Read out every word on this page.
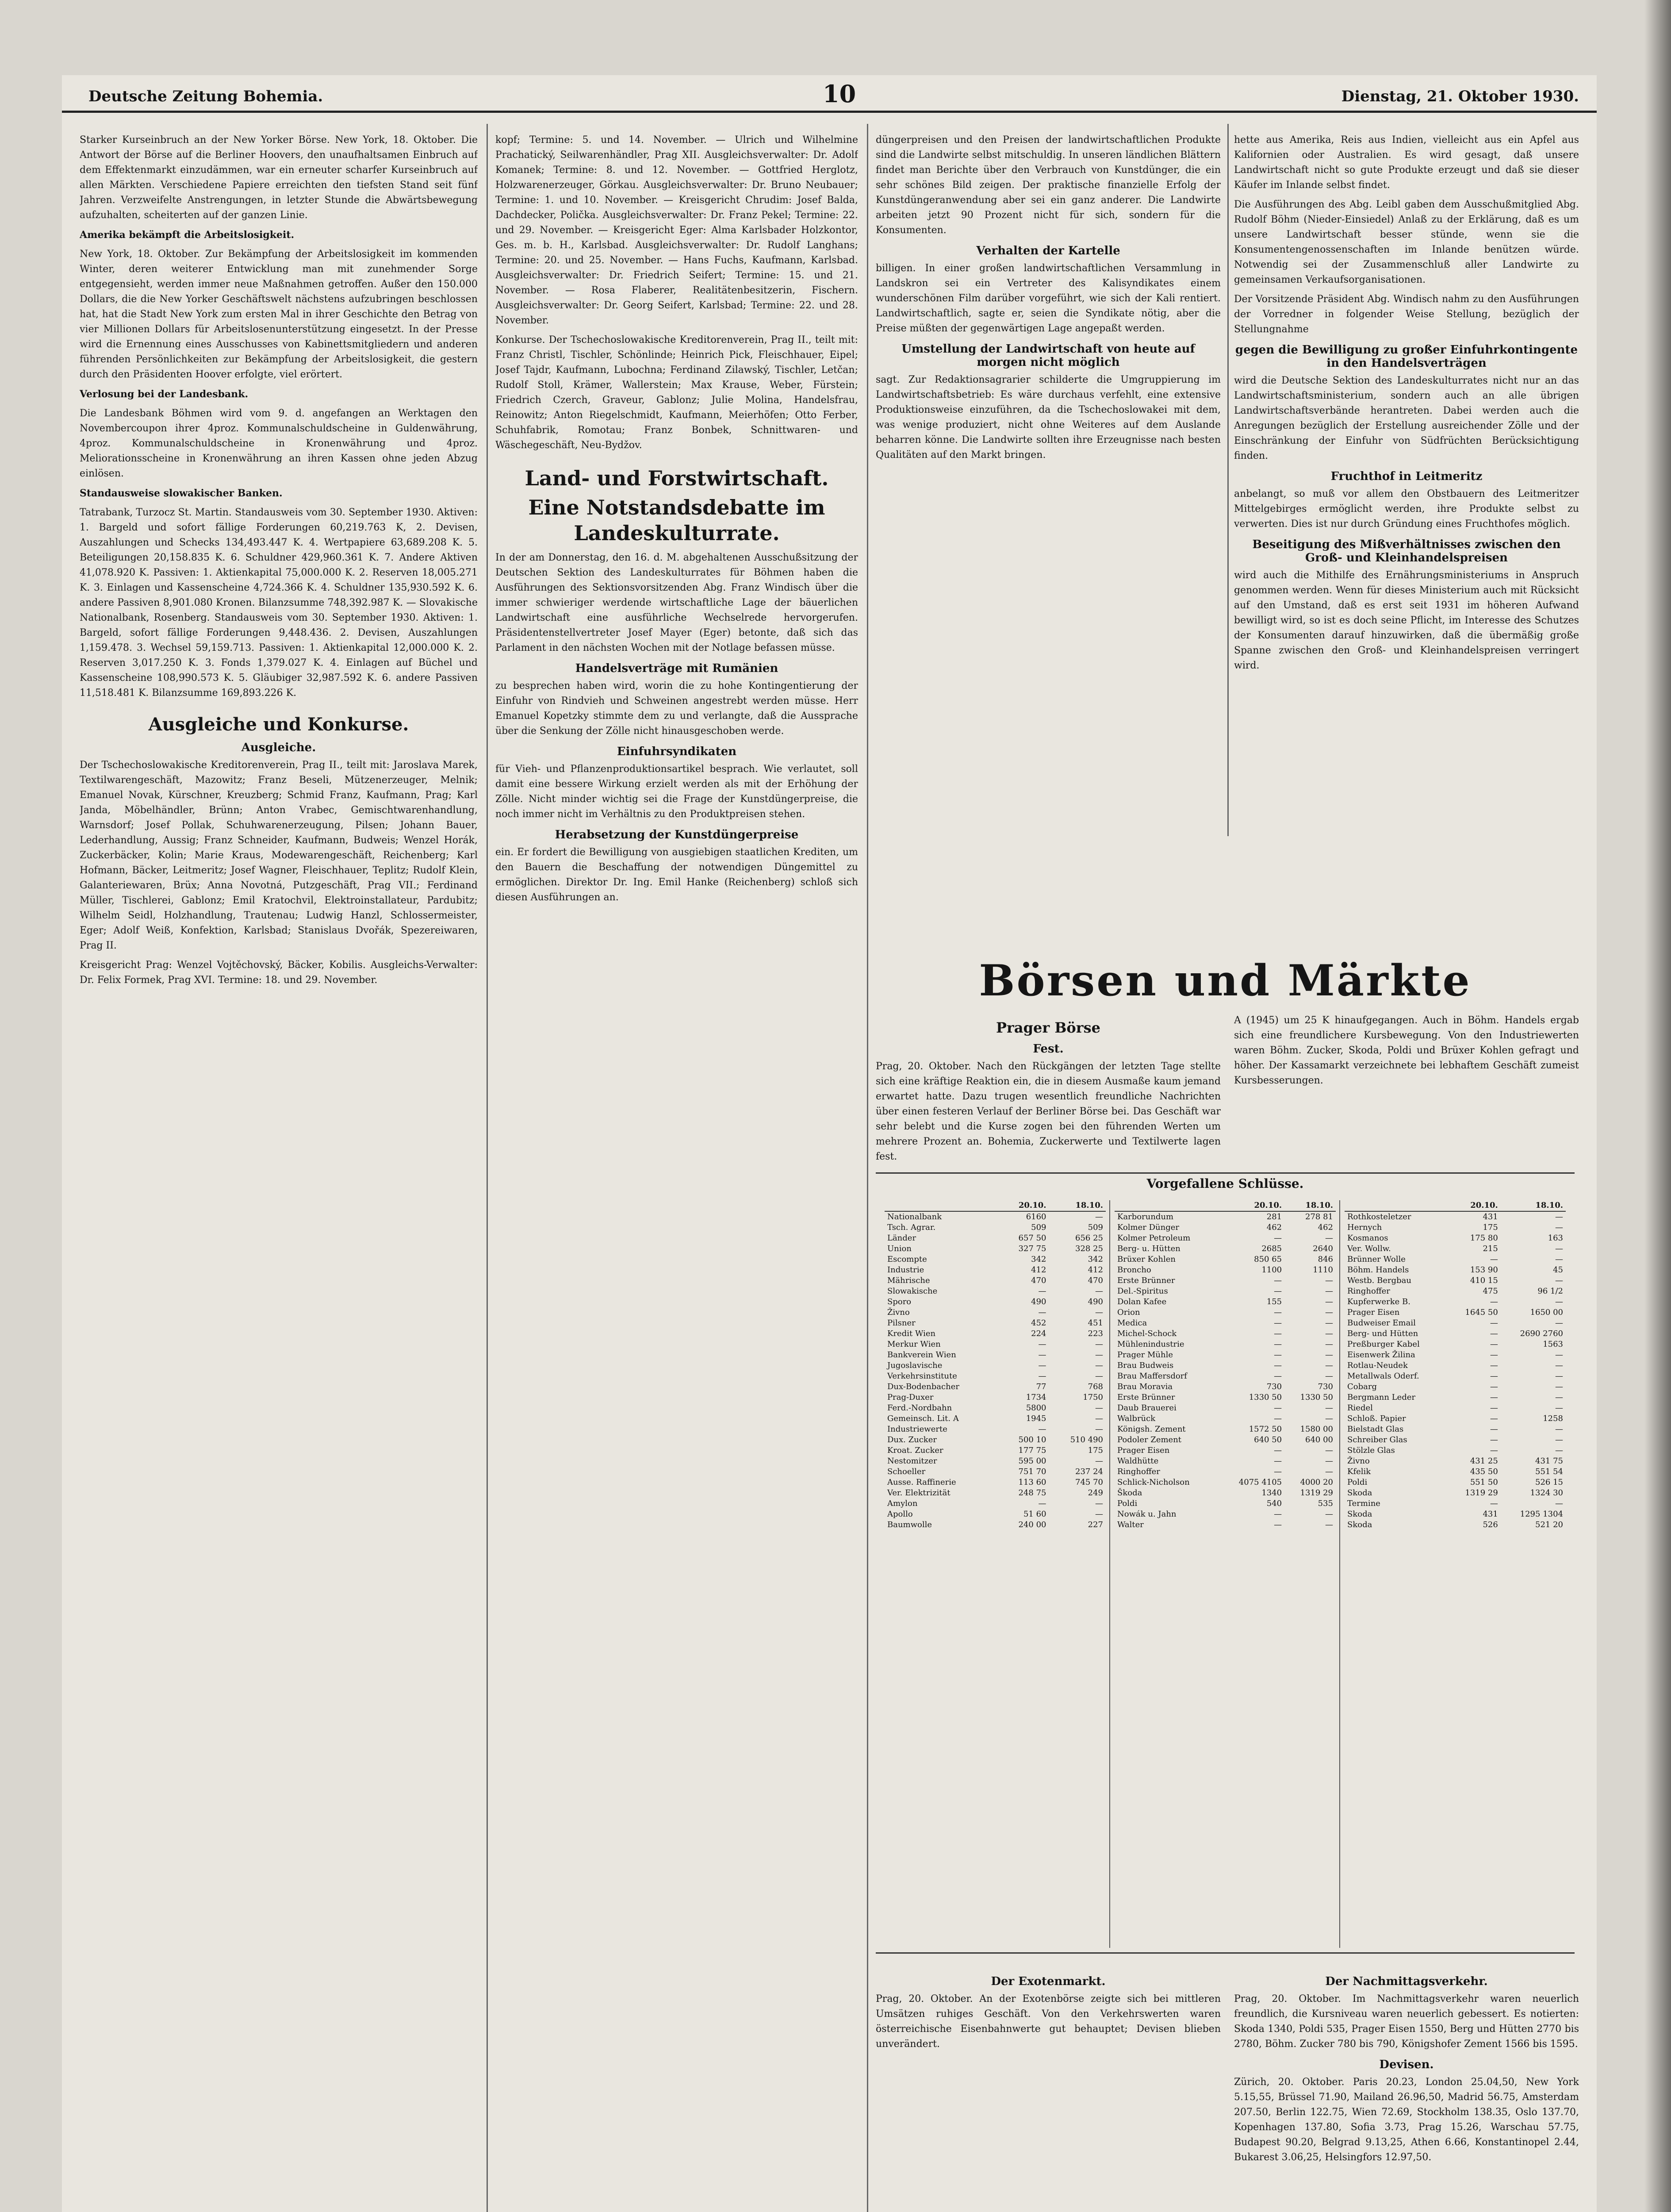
Deutsche Zeitung Bohemia.	10	Dienstag, 21. Oktober 1930.

Starker Kurseinbruch an der New Yorker Börse. New York, 18. Oktober. Die Antwort der Börse auf die Berliner Hoovers, den unaufhaltsamen Einbruch auf dem Effektenmarkt einzudämmen, war ein erneuter scharfer Kurseinbruch auf allen Märkten. Verschiedene Papiere erreichten den tiefsten Stand seit fünf Jahren. Verzweifelte Anstrengungen, in letzter Stunde die Abwärtsbewegung aufzuhalten, scheiterten auf der ganzen Linie.

Amerika bekämpft die Arbeitslosigkeit.

New York, 18. Oktober. Zur Bekämpfung der Arbeitslosigkeit im kommenden Winter, deren weiterer Entwicklung man mit zunehmender Sorge entgegensieht, werden immer neue Maßnahmen getroffen. Außer den 150.000 Dollars, die die New Yorker Geschäftswelt nächstens aufzubringen beschlossen hat, hat die Stadt New York zum ersten Mal in ihrer Geschichte den Betrag von vier Millionen Dollars für Arbeitslosenunterstützung eingesetzt. In der Presse wird die Ernennung eines Ausschusses von Kabinettsmitgliedern und anderen führenden Persönlichkeiten zur Bekämpfung der Arbeitslosigkeit, die gestern durch den Präsidenten Hoover erfolgte, viel erörtert.

Verlosung bei der Landesbank.

Die Landesbank Böhmen wird vom 9. d. angefangen an Werktagen den Novembercoupon ihrer 4proz. Kommunalschuldscheine in Guldenwährung, 4proz. Kommunalschuldscheine in Kronenwährung und 4proz. Meliorationsscheine in Kronenwährung an ihren Kassen ohne jeden Abzug einlösen.

Standausweise slowakischer Banken.

Tatrabank, Turzocz St. Martin. Standausweis vom 30. September 1930. Aktiven: 1. Bargeld und sofort fällige Forderungen 60,219.763 K, 2. Devisen, Auszahlungen und Schecks 134,493.447 K. 4. Wertpapiere 63,689.208 K. 5. Beteiligungen 20,158.835 K. 6. Schuldner 429,960.361 K. 7. Andere Aktiven 41,078.920 K. Passiven: 1. Aktienkapital 75,000.000 K. 2. Reserven 18,005.271 K. 3. Einlagen und Kassenscheine 4,724.366 K. 4. Schuldner 135,930.592 K. 6. andere Passiven 8,901.080 Kronen. Bilanzsumme 748,392.987 K. — Slovakische Nationalbank, Rosenberg. Standausweis vom 30. September 1930. Aktiven: 1. Bargeld, sofort fällige Forderungen 9,448.436. 2. Devisen, Auszahlungen 1,159.478. 3. Wechsel 59,159.713. Passiven: 1. Aktienkapital 12,000.000 K. 2. Reserven 3,017.250 K. 3. Fonds 1,379.027 K. 4. Einlagen auf Büchel und Kassenscheine 108,990.573 K. 5. Gläubiger 32,987.592 K. 6. andere Passiven 11,518.481 K. Bilanzsumme 169,893.226 K.

Ausgleiche und Konkurse.
Ausgleiche.

Der Tschechoslowakische Kreditorenverein, Prag II., teilt mit: Jaroslava Marek, Textilwarengeschäft, Mazowitz; Franz Beseli, Mützenerzeuger, Melnik; Emanuel Novak, Kürschner, Kreuzberg; Schmid Franz, Kaufmann, Prag; Karl Janda, Möbelhändler, Brünn; Anton Vrabec, Gemischtwarenhandlung, Warnsdorf; Josef Pollak, Schuhwarenerzeugung, Pilsen; Johann Bauer, Lederhandlung, Aussig; Franz Schneider, Kaufmann, Budweis; Wenzel Horák, Zuckerbäcker, Kolin; Marie Kraus, Modewarengeschäft, Reichenberg; Karl Hofmann, Bäcker, Leitmeritz; Josef Wagner, Fleischhauer, Teplitz; Rudolf Klein, Galanteriewaren, Brüx; Anna Novotná, Putzgeschäft, Prag VII.; Ferdinand Müller, Tischlerei, Gablonz; Emil Kratochvil, Elektroinstallateur, Pardubitz; Wilhelm Seidl, Holzhandlung, Trautenau; Ludwig Hanzl, Schlossermeister, Eger; Adolf Weiß, Konfektion, Karlsbad; Stanislaus Dvořák, Spezereiwaren, Prag II.

Kreisgericht Prag: Wenzel Vojtěchovský, Bäcker, Kobilis. Ausgleichs-Verwalter: Dr. Felix Formek, Prag XVI. Termine: 18. und 29. November.

kopf; Termine: 5. und 14. November. — Ulrich und Wilhelmine Prachatický, Seilwarenhändler, Prag XII. Ausgleichsverwalter: Dr. Adolf Komanek; Termine: 8. und 12. November. — Gottfried Herglotz, Holzwarenerzeuger, Görkau. Ausgleichsverwalter: Dr. Bruno Neubauer; Termine: 1. und 10. November. — Kreisgericht Chrudim: Josef Balda, Dachdecker, Polička. Ausgleichsverwalter: Dr. Franz Pekel; Termine: 22. und 29. November. — Kreisgericht Eger: Alma Karlsbader Holzkontor, Ges. m. b. H., Karlsbad. Ausgleichsverwalter: Dr. Rudolf Langhans; Termine: 20. und 25. November. — Hans Fuchs, Kaufmann, Karlsbad. Ausgleichsverwalter: Dr. Friedrich Seifert; Termine: 15. und 21. November. — Rosa Flaberer, Realitätenbesitzerin, Fischern. Ausgleichsverwalter: Dr. Georg Seifert, Karlsbad; Termine: 22. und 28. November.

Konkurse. Der Tschechoslowakische Kreditorenverein, Prag II., teilt mit: Franz Christl, Tischler, Schönlinde; Heinrich Pick, Fleischhauer, Eipel; Josef Tajdr, Kaufmann, Lubochna; Ferdinand Zilawský, Tischler, Letčan; Rudolf Stoll, Krämer, Wallerstein; Max Krause, Weber, Fürstein; Friedrich Czerch, Graveur, Gablonz; Julie Molina, Handelsfrau, Reinowitz; Anton Riegelschmidt, Kaufmann, Meierhöfen; Otto Ferber, Schuhfabrik, Romotau; Franz Bonbek, Schnittwaren- und Wäschegeschäft, Neu-Bydžov.

Land- und Forstwirtschaft.
Eine Notstandsdebatte im Landeskulturrate.

In der am Donnerstag, den 16. d. M. abgehaltenen Ausschußsitzung der Deutschen Sektion des Landeskulturrates für Böhmen haben die Ausführungen des Sektionsvorsitzenden Abg. Franz Windisch über die immer schwieriger werdende wirtschaftliche Lage der bäuerlichen Landwirtschaft eine ausführliche Wechselrede hervorgerufen. Präsidentenstellvertreter Josef Mayer (Eger) betonte, daß sich das Parlament in den nächsten Wochen mit der Notlage befassen müsse.

Handelsverträge mit Rumänien

zu besprechen haben wird, worin die zu hohe Kontingentierung der Einfuhr von Rindvieh und Schweinen angestrebt werden müsse. Herr Emanuel Kopetzky stimmte dem zu und verlangte, daß die Aussprache über die Senkung der Zölle nicht hinausgeschoben werde.

Einfuhrsyndikaten

für Vieh- und Pflanzenproduktionsartikel besprach. Wie verlautet, soll damit eine bessere Wirkung erzielt werden als mit der Erhöhung der Zölle. Nicht minder wichtig sei die Frage der Kunstdüngerpreise, die noch immer nicht im Verhältnis zu den Produktpreisen stehen.

Herabsetzung der Kunstdüngerpreise

ein. Er fordert die Bewilligung von ausgiebigen staatlichen Krediten, um den Bauern die Beschaffung der notwendigen Düngemittel zu ermöglichen. Direktor Dr. Ing. Emil Hanke (Reichenberg) schloß sich diesen Ausführungen an.

düngerpreisen und den Preisen der landwirtschaftlichen Produkte sind die Landwirte selbst mitschuldig. In unseren ländlichen Blättern findet man Berichte über den Verbrauch von Kunstdünger, die ein sehr schönes Bild zeigen. Der praktische finanzielle Erfolg der Kunstdüngeranwendung aber sei ein ganz anderer. Die Landwirte arbeiten jetzt 90 Prozent nicht für sich, sondern für die Konsumenten.

Verhalten der Kartelle

billigen. In einer großen landwirtschaftlichen Versammlung in Landskron sei ein Vertreter des Kalisyndikates einem wunderschönen Film darüber vorgeführt, wie sich der Kali rentiert. Landwirtschaftlich, sagte er, seien die Syndikate nötig, aber die Preise müßten der gegenwärtigen Lage angepaßt werden.

Umstellung der Landwirtschaft von heute auf morgen nicht möglich

sagt. Zur Redaktionsagrarier schilderte die Umgruppierung im Landwirtschaftsbetrieb: Es wäre durchaus verfehlt, eine extensive Produktionsweise einzuführen, da die Tschechoslowakei mit dem, was wenige produziert, nicht ohne Weiteres auf dem Auslande beharren könne. Die Landwirte sollten ihre Erzeugnisse nach besten Qualitäten auf den Markt bringen.

hette aus Amerika, Reis aus Indien, vielleicht aus ein Apfel aus Kalifornien oder Australien. Es wird gesagt, daß unsere Landwirtschaft nicht so gute Produkte erzeugt und daß sie dieser Käufer im Inlande selbst findet.

Die Ausführungen des Abg. Leibl gaben dem Ausschußmitglied Abg. Rudolf Böhm (Nieder-Einsiedel) Anlaß zu der Erklärung, daß es um unsere Landwirtschaft besser stünde, wenn sie die Konsumentengenossenschaften im Inlande benützen würde. Notwendig sei der Zusammenschluß aller Landwirte zu gemeinsamen Verkaufsorganisationen.

Der Vorsitzende Präsident Abg. Windisch nahm zu den Ausführungen der Vorredner in folgender Weise Stellung, bezüglich der Stellungnahme

gegen die Bewilligung zu großer Einfuhrkontingente in den Handelsverträgen

wird die Deutsche Sektion des Landeskulturrates nicht nur an das Landwirtschaftsministerium, sondern auch an alle übrigen Landwirtschaftsverbände herantreten. Dabei werden auch die Anregungen bezüglich der Erstellung ausreichender Zölle und der Einschränkung der Einfuhr von Südfrüchten Berücksichtigung finden.

Fruchthof in Leitmeritz

anbelangt, so muß vor allem den Obstbauern des Leitmeritzer Mittelgebirges ermöglicht werden, ihre Produkte selbst zu verwerten. Dies ist nur durch Gründung eines Fruchthofes möglich.

Beseitigung des Mißverhältnisses zwischen den Groß- und Kleinhandelspreisen

wird auch die Mithilfe des Ernährungsministeriums in Anspruch genommen werden. Wenn für dieses Ministerium auch mit Rücksicht auf den Umstand, daß es erst seit 1931 im höheren Aufwand bewilligt wird, so ist es doch seine Pflicht, im Interesse des Schutzes der Konsumenten darauf hinzuwirken, daß die übermäßig große Spanne zwischen den Groß- und Kleinhandelspreisen verringert wird.

Börsen und Märkte
Prager Börse
Fest.

Prag, 20. Oktober. Nach den Rückgängen der letzten Tage stellte sich eine kräftige Reaktion ein, die in diesem Ausmaße kaum jemand erwartet hatte. Dazu trugen wesentlich freundliche Nachrichten über einen festeren Verlauf der Berliner Börse bei. Das Geschäft war sehr belebt und die Kurse zogen bei den führenden Werten um mehrere Prozent an. Bohemia, Zuckerwerte und Textilwerte lagen fest.

A (1945) um 25 K hinaufgegangen. Auch in Böhm. Handels ergab sich eine freundlichere Kursbewegung. Von den Industriewerten waren Böhm. Zucker, Skoda, Poldi und Brüxer Kohlen gefragt und höher. Der Kassamarkt verzeichnete bei lebhaftem Geschäft zumeist Kursbesserungen.

Vorgefallene Schlüsse.
	20.10.	18.10.
Nationalbank	6160	—
Tsch. Agrar.	509	509
Länder	657 50	656 25
Union	327 75	328 25
Escompte	342	342
Industrie	412	412
Mährische	470	470
Slowakische	—	—
Sporo	490	490
Živno	—	—
Pilsner	452	451
Kredit Wien	224	223
Merkur Wien	—	—
Bankverein Wien	—	—
Jugoslavische	—	—
Verkehrsinstitute	—	—
Dux-Bodenbacher	77	768
Prag-Duxer	1734	1750
Ferd.-Nordbahn	5800	—
Gemeinsch. Lit. A	1945	—
Industriewerte	—	—
Dux. Zucker	500 10	510 490
Kroat. Zucker	177 75	175
Nestomitzer	595 00	—
Schoeller	751 70	237 24
Ausse. Raffinerie	113 60	745 70
Ver. Elektrizität	248 75	249
Amylon	—	—
Apollo	51 60	—
Baumwolle	240 00	227
	20.10.	18.10.
Karborundum	281	278 81
Kolmer Dünger	462	462
Kolmer Petroleum	—	—
Berg- u. Hütten	2685	2640
Brüxer Kohlen	850 65	846
Broncho	1100	1110
Erste Brünner	—	—
Del.-Spiritus	—	—
Dolan Kafee	155	—
Orion	—	—
Medica	—	—
Michel-Schock	—	—
Mühlenindustrie	—	—
Prager Mühle	—	—
Brau Budweis	—	—
Brau Maffersdorf	—	—
Brau Moravia	730	730
Erste Brünner	1330 50	1330 50
Daub Brauerei	—	—
Walbrück	—	—
Königsh. Zement	1572 50	1580 00
Podoler Zement	640 50	640 00
Prager Eisen	—	—
Waldhütte	—	—
Ringhoffer	—	—
Schlick-Nicholson	4075 4105	4000 20
Škoda	1340	1319 29
Poldi	540	535
Nowák u. Jahn	—	—
Walter	—	—
	20.10.	18.10.
Rothkosteletzer	431	—
Hernych	175	—
Kosmanos	175 80	163
Ver. Wollw.	215	—
Brünner Wolle	—	—
Böhm. Handels	153 90	45
Westb. Bergbau	410 15	—
Ringhoffer	475	96 1/2
Kupferwerke B.	—	—
Prager Eisen	1645 50	1650 00
Budweiser Email	—	—
Berg- und Hütten	—	2690 2760
Preßburger Kabel	—	1563
Eisenwerk Žilina	—	—
Rotlau-Neudek	—	—
Metallwals Oderf.	—	—
Cobarg	—	—
Bergmann Leder	—	—
Riedel	—	—
Schloß. Papier	—	1258
Bielstadt Glas	—	—
Schreiber Glas	—	—
Stölzle Glas	—	—
Živno	431 25	431 75
Kfelik	435 50	551 54
Poldi	551 50	526 15
Skoda	1319 29	1324 30
Termine	—	—
Skoda	431	1295 1304
Skoda	526	521 20
Der Exotenmarkt.

Prag, 20. Oktober. An der Exotenbörse zeigte sich bei mittleren Umsätzen ruhiges Geschäft. Von den Verkehrswerten waren österreichische Eisenbahnwerte gut behauptet; Devisen blieben unverändert.

Der Nachmittagsverkehr.

Prag, 20. Oktober. Im Nachmittagsverkehr waren neuerlich freundlich, die Kursniveau waren neuerlich gebessert. Es notierten: Skoda 1340, Poldi 535, Prager Eisen 1550, Berg und Hütten 2770 bis 2780, Böhm. Zucker 780 bis 790, Königshofer Zement 1566 bis 1595.

Devisen.

Zürich, 20. Oktober. Paris 20.23, London 25.04,50, New York 5.15,55, Brüssel 71.90, Mailand 26.96,50, Madrid 56.75, Amsterdam 207.50, Berlin 122.75, Wien 72.69, Stockholm 138.35, Oslo 137.70, Kopenhagen 137.80, Sofia 3.73, Prag 15.26, Warschau 57.75, Budapest 90.20, Belgrad 9.13,25, Athen 6.66, Konstantinopel 2.44, Bukarest 3.06,25, Helsingfors 12.97,50.
